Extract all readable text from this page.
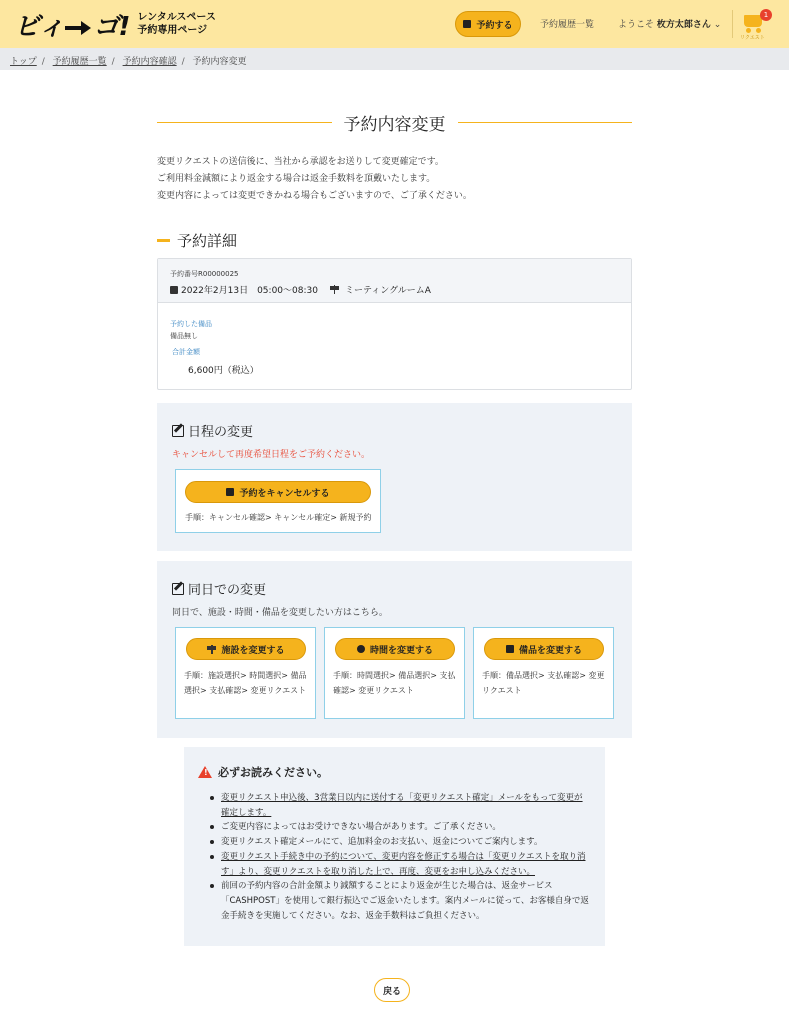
ビィ ゴ! レンタルスペース
予約専用ページ	予約する	予約履歴一覧	ようこそ 枚方太郎さん ⌄
1
リクエスト
トップ / 予約履歴一覧 / 予約内容確認 / 予約内容変更
予約内容変更
変更リクエストの送信後に、当社から承認をお送りして変更確定です。
ご利用料金減額により返金する場合は返金手数料を頂戴いたします。
変更内容によっては変更できかねる場合もございますので、ご了承ください。
予約詳細
予約番号R00000025
2022年2月13日　05:00〜08:30	ミーティングルームA
予約した備品
備品無し
合計金額
6,600円（税込）
日程の変更
キャンセルして再度希望日程をご予約ください。
予約をキャンセルする
手順：キャンセル確認> キャンセル確定> 新規予約
同日での変更
同日で、施設・時間・備品を変更したい方はこちら。
施設を変更する
手順：施設選択> 時間選択> 備品選択> 支払確認> 変更リクエスト
時間を変更する
手順：時間選択> 備品選択> 支払確認> 変更リクエスト
備品を変更する
手順：備品選択> 支払確認> 変更リクエスト
! 必ずお読みください。
変更リクエスト申込後、3営業日以内に送付する「変更リクエスト確定」メールをもって変更が確定します。
ご変更内容によってはお受けできない場合があります。ご了承ください。
変更リクエスト確定メールにて、追加料金のお支払い、返金についてご案内します。
変更リクエスト手続き中の予約について、変更内容を修正する場合は「変更リクエストを取り消す」より、変更リクエストを取り消した上で、再度、変更をお申し込みください。
前回の予約内容の合計金額より減額することにより返金が生じた場合は、返金サービス「CASHPOST」を使用して銀行振込でご返金いたします。案内メールに従って、お客様自身で返金手続きを実施してください。なお、返金手数料はご負担ください。
戻る
